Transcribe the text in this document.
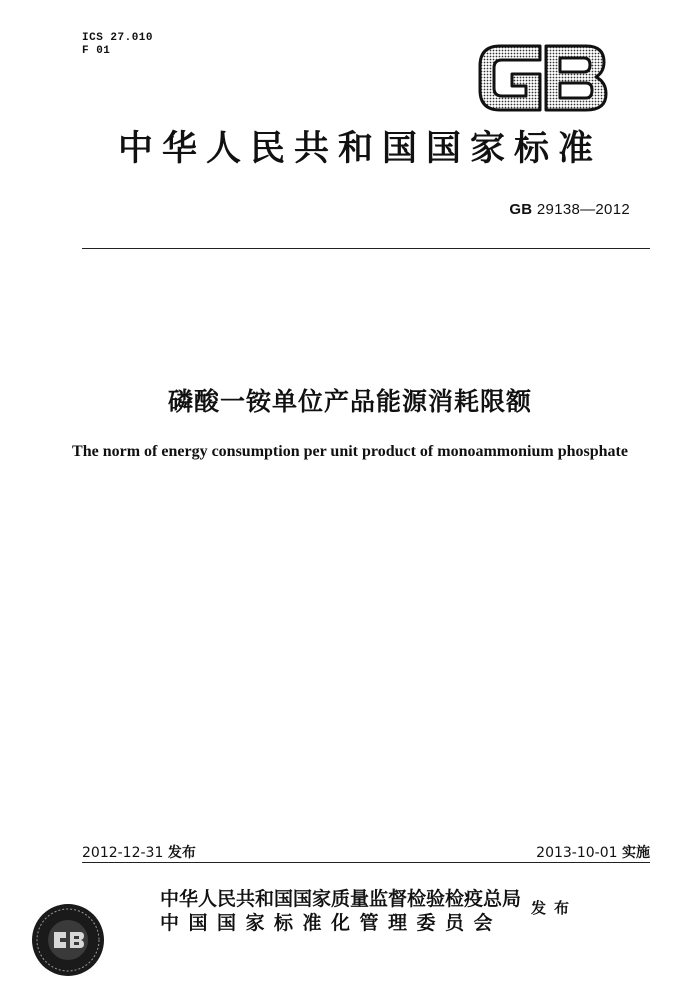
ICS 27.010
F 01
中华人民共和国国家标准
GB 29138—2012
磷酸一铵单位产品能源消耗限额
The norm of energy consumption per unit product of monoammonium phosphate
2012-12-31 发布	2013-10-01 实施
中华人民共和国国家质量监督检验检疫总局
中国国家标准化管理委员会
发布
